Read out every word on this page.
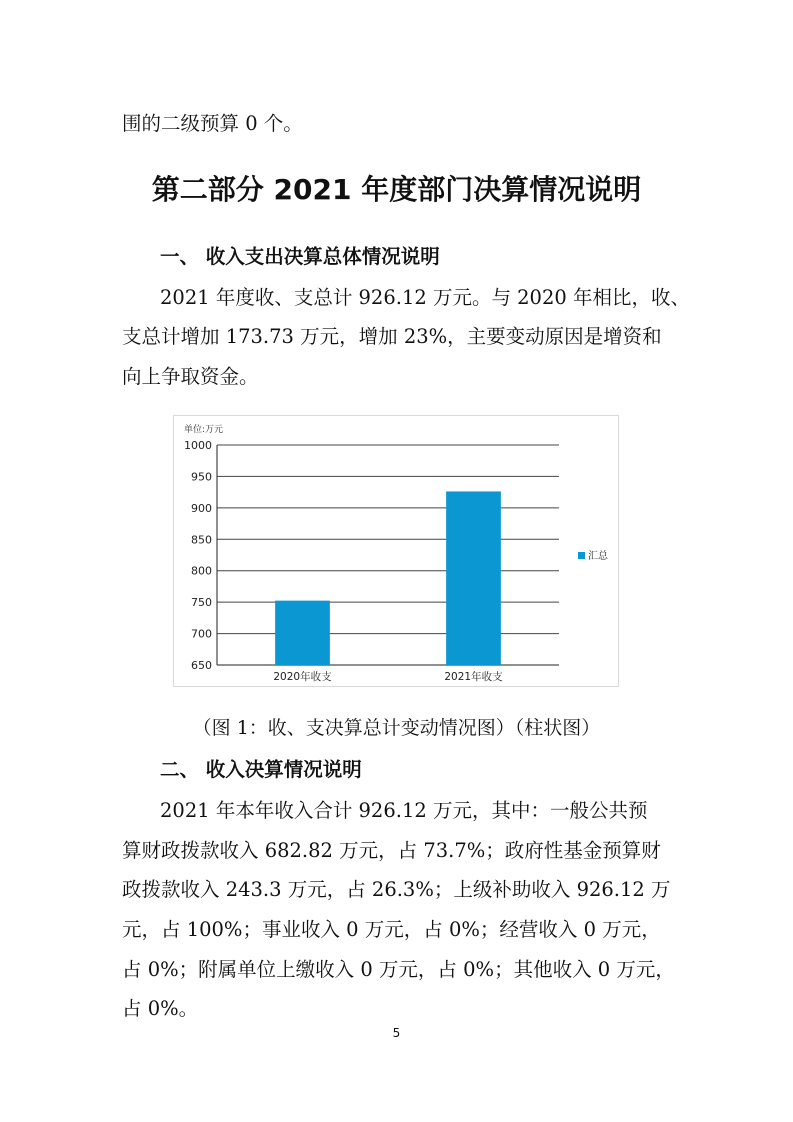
围的二级预算 0 个。
第二部分 2021 年度部门决算情况说明
一、 收入支出决算总体情况说明
2021 年度收、支总计 926.12 万元。与 2020 年相比，收、
支总计增加 173.73 万元，增加 23%，主要变动原因是增资和
向上争取资金。
单位:万元
650
700
750
800
850
900
950
1000
2020年收支	2021年收支
汇总
（图 1：收、支决算总计变动情况图）（柱状图）
二、 收入决算情况说明
2021 年本年收入合计 926.12 万元，其中：一般公共预
算财政拨款收入 682.82 万元，占 73.7%；政府性基金预算财
政拨款收入 243.3 万元，占 26.3%；上级补助收入 926.12 万
元，占 100%；事业收入 0 万元，占 0%；经营收入 0 万元，
占 0%；附属单位上缴收入 0 万元，占 0%；其他收入 0 万元，
占 0%。
5
